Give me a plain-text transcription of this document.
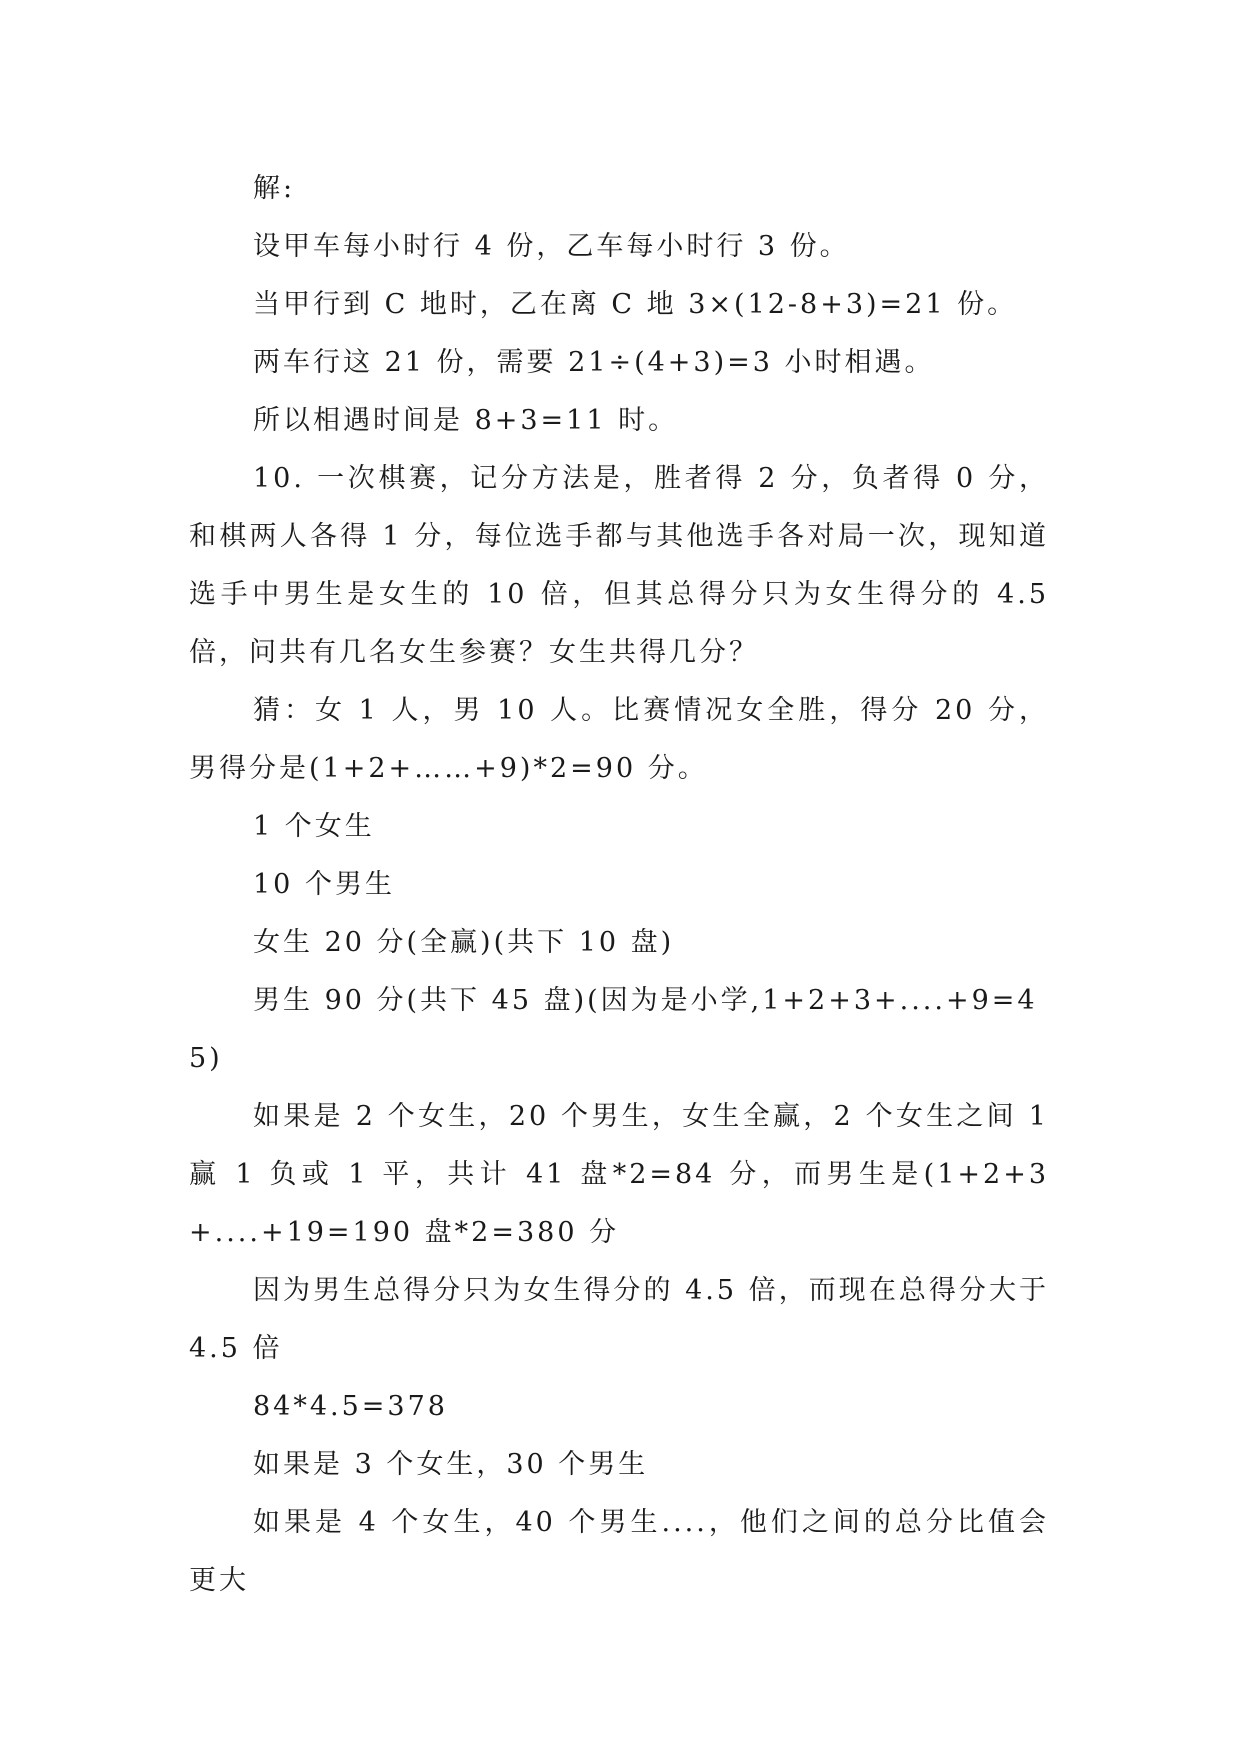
解:

设甲车每小时行 4 份，乙车每小时行 3 份。

当甲行到 C 地时，乙在离 C 地 3×(12-8+3)=21 份。

两车行这 21 份，需要 21÷(4+3)=3 小时相遇。

所以相遇时间是 8+3=11 时。

10. 一次棋赛，记分方法是，胜者得 2 分，负者得 0 分，和棋两人各得 1 分，每位选手都与其他选手各对局一次，现知道选手中男生是女生的 10 倍，但其总得分只为女生得分的 4.5 倍，问共有几名女生参赛？女生共得几分？

猜：女 1 人，男 10 人。比赛情况女全胜，得分 20 分，男得分是(1+2+……+9)*2=90 分。

1 个女生

10 个男生

女生 20 分(全赢)(共下 10 盘)

男生 90 分(共下 45 盘)(因为是小学,1+2+3+....+9=45)

如果是 2 个女生，20 个男生，女生全赢，2 个女生之间 1 赢 1 负或 1 平，共计 41 盘*2=84 分，而男生是(1+2+3+....+19=190 盘*2=380 分

因为男生总得分只为女生得分的 4.5 倍，而现在总得分大于 4.5 倍

84*4.5=378

如果是 3 个女生，30 个男生

如果是 4 个女生，40 个男生....，他们之间的总分比值会更大
